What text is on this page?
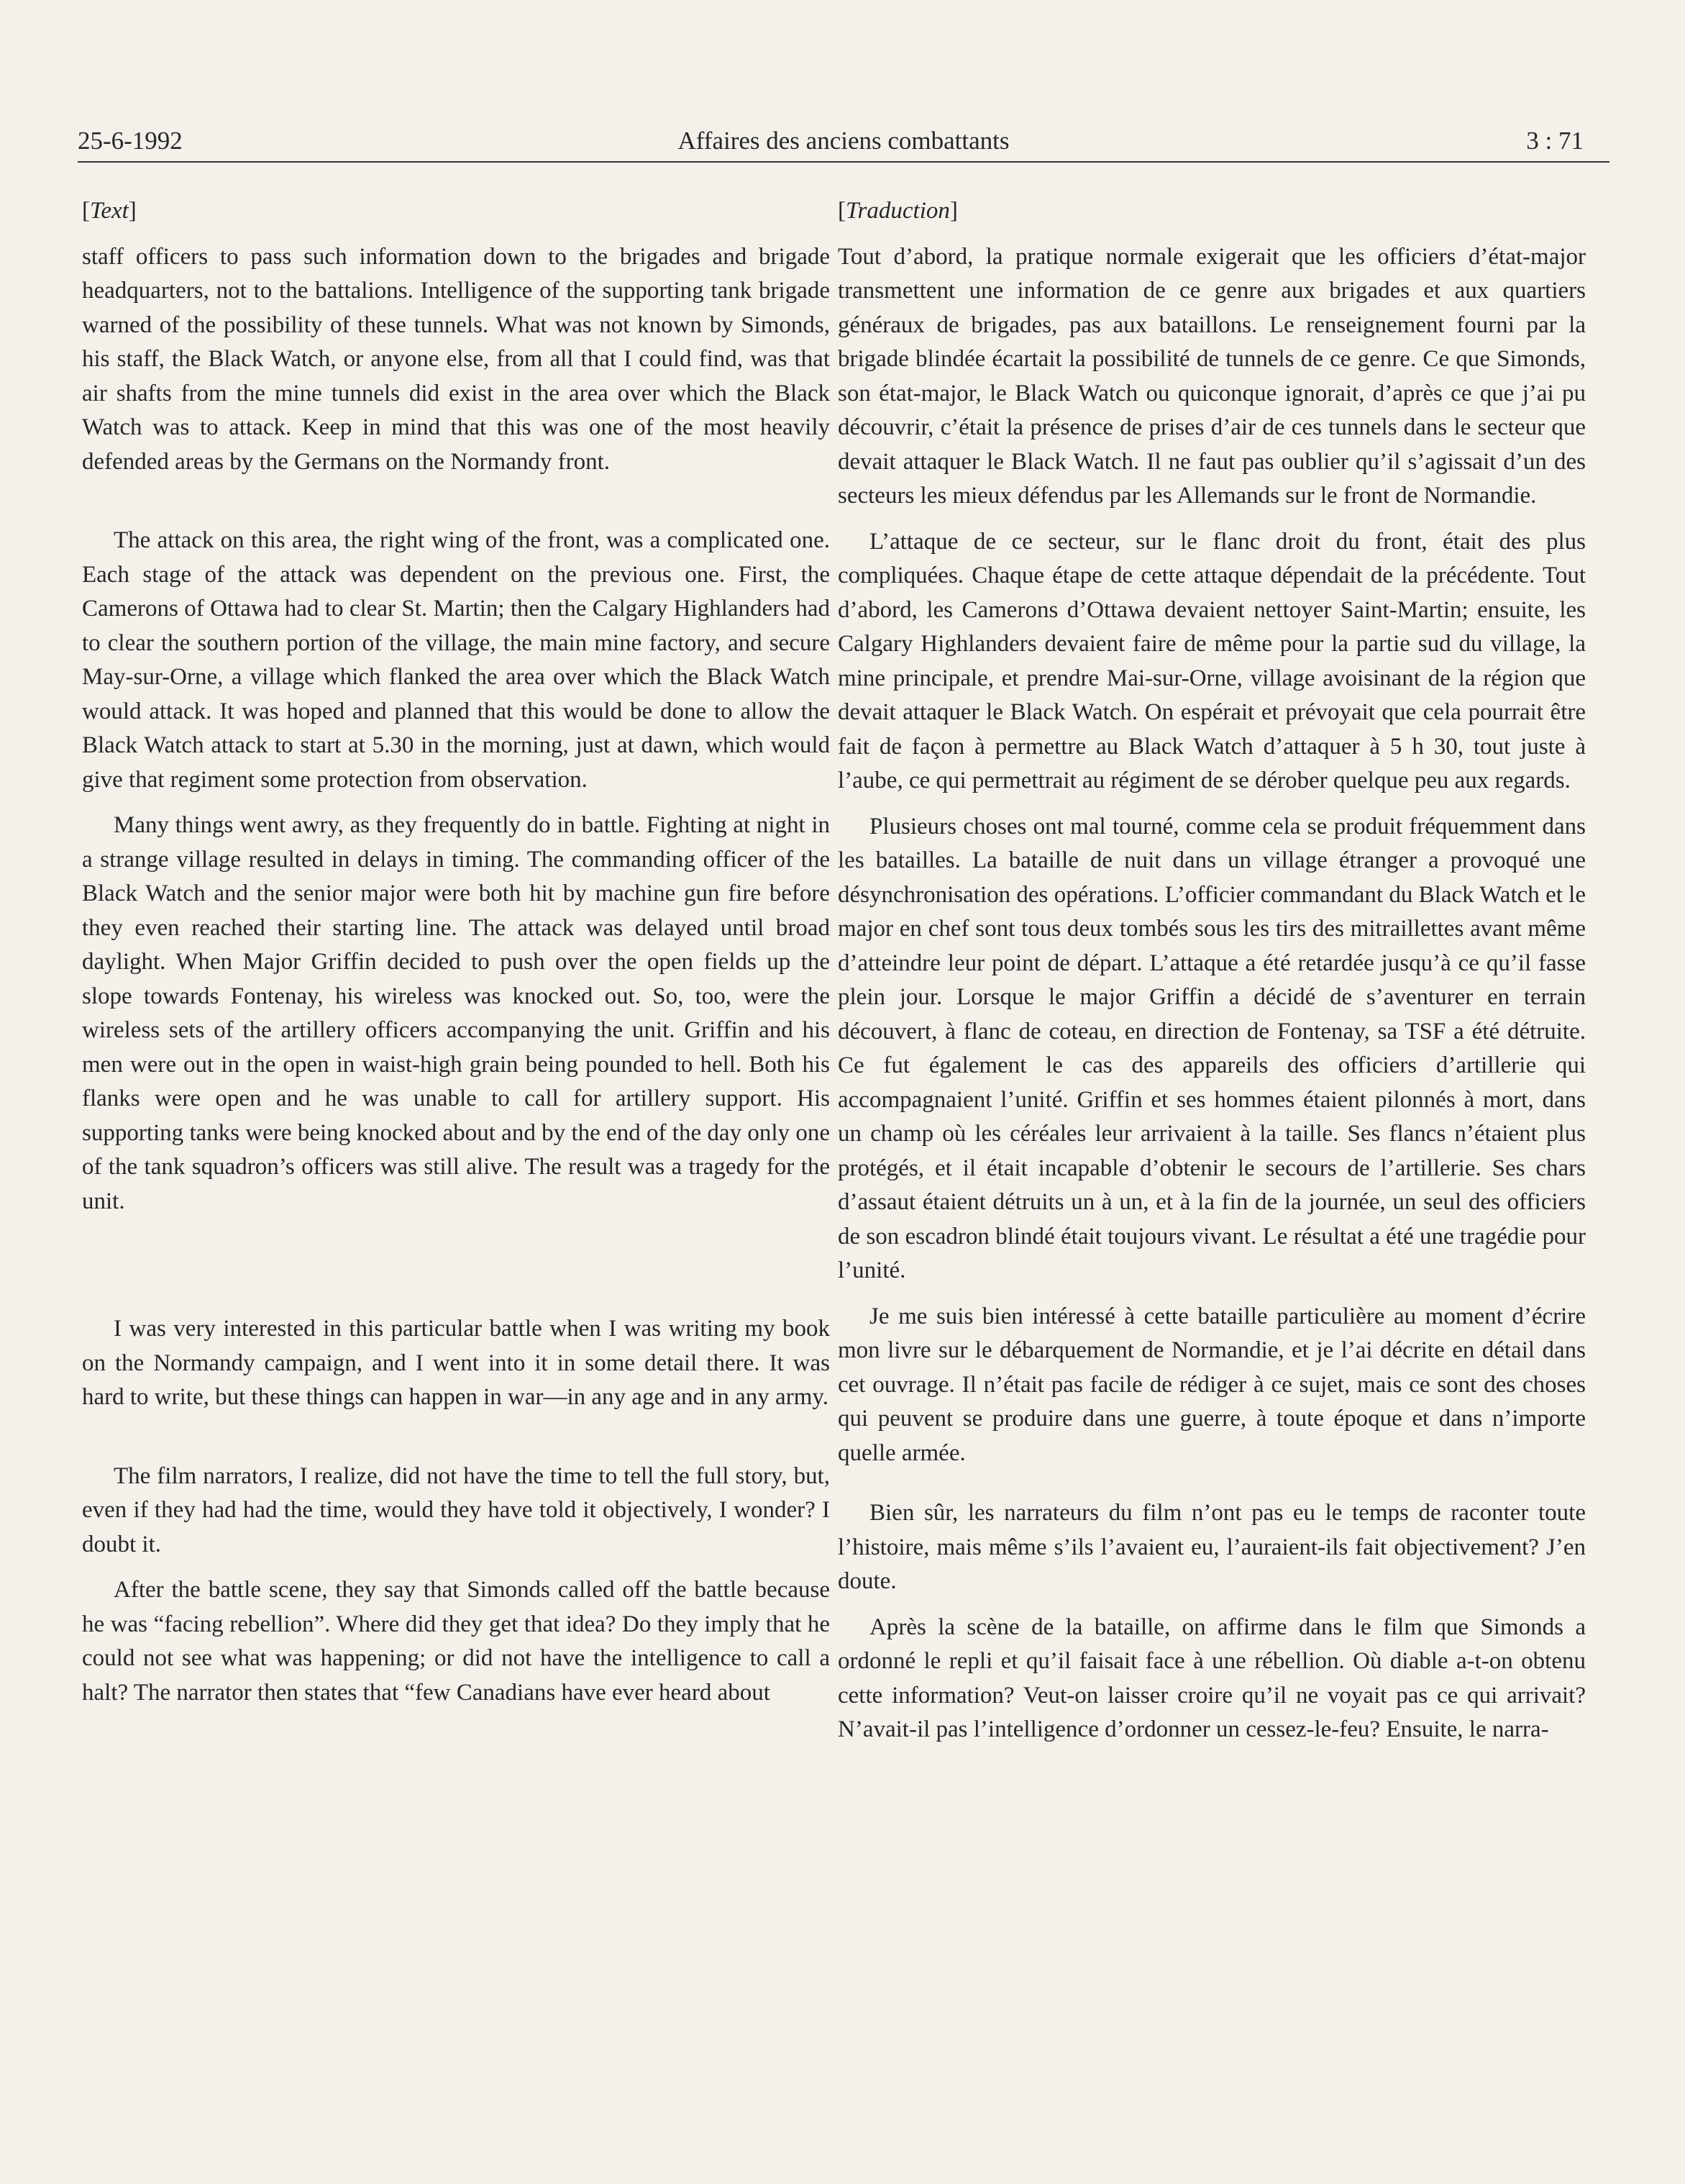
Affaires des anciens combattants
25-6-1992	3 : 71

[Text]

staff officers to pass such information down to the brigades and brigade headquarters, not to the battalions. Intelligence of the supporting tank brigade warned of the possibility of these tunnels. What was not known by Simonds, his staff, the Black Watch, or anyone else, from all that I could find, was that air shafts from the mine tunnels did exist in the area over which the Black Watch was to attack. Keep in mind that this was one of the most heavily defended areas by the Germans on the Normandy front.

The attack on this area, the right wing of the front, was a complicated one. Each stage of the attack was dependent on the previous one. First, the Camerons of Ottawa had to clear St. Martin; then the Calgary Highlanders had to clear the southern portion of the village, the main mine factory, and secure May-sur-Orne, a village which flanked the area over which the Black Watch would attack. It was hoped and planned that this would be done to allow the Black Watch attack to start at 5.30 in the morning, just at dawn, which would give that regiment some protection from observation.

Many things went awry, as they frequently do in battle. Fighting at night in a strange village resulted in delays in timing. The commanding officer of the Black Watch and the senior major were both hit by machine gun fire before they even reached their starting line. The attack was delayed until broad daylight. When Major Griffin decided to push over the open fields up the slope towards Fontenay, his wireless was knocked out. So, too, were the wireless sets of the artillery officers accompanying the unit. Griffin and his men were out in the open in waist-high grain being pounded to hell. Both his flanks were open and he was unable to call for artillery support. His supporting tanks were being knocked about and by the end of the day only one of the tank squadron’s officers was still alive. The result was a tragedy for the unit.

I was very interested in this particular battle when I was writing my book on the Normandy campaign, and I went into it in some detail there. It was hard to write, but these things can happen in war—in any age and in any army.

The film narrators, I realize, did not have the time to tell the full story, but, even if they had had the time, would they have told it objectively, I wonder? I doubt it.

After the battle scene, they say that Simonds called off the battle because he was “facing rebellion”. Where did they get that idea? Do they imply that he could not see what was happening; or did not have the intelligence to call a halt? The narrator then states that “few Canadians have ever heard about

[Traduction]

Tout d’abord, la pratique normale exigerait que les officiers d’état-major transmettent une information de ce genre aux brigades et aux quartiers généraux de brigades, pas aux bataillons. Le renseignement fourni par la brigade blindée écartait la possibilité de tunnels de ce genre. Ce que Simonds, son état-major, le Black Watch ou quiconque ignorait, d’après ce que j’ai pu découvrir, c’était la présence de prises d’air de ces tunnels dans le secteur que devait attaquer le Black Watch. Il ne faut pas oublier qu’il s’agissait d’un des secteurs les mieux défendus par les Allemands sur le front de Normandie.

L’attaque de ce secteur, sur le flanc droit du front, était des plus compliquées. Chaque étape de cette attaque dépendait de la précédente. Tout d’abord, les Camerons d’Ottawa devaient nettoyer Saint-Martin; ensuite, les Calgary Highlanders devaient faire de même pour la partie sud du village, la mine principale, et prendre Mai-sur-Orne, village avoisinant de la région que devait attaquer le Black Watch. On espérait et prévoyait que cela pourrait être fait de façon à permettre au Black Watch d’attaquer à 5 h 30, tout juste à l’aube, ce qui permettrait au régiment de se dérober quelque peu aux regards.

Plusieurs choses ont mal tourné, comme cela se produit fréquemment dans les batailles. La bataille de nuit dans un village étranger a provoqué une désynchronisation des opérations. L’officier commandant du Black Watch et le major en chef sont tous deux tombés sous les tirs des mitraillettes avant même d’atteindre leur point de départ. L’attaque a été retardée jusqu’à ce qu’il fasse plein jour. Lorsque le major Griffin a décidé de s’aventurer en terrain découvert, à flanc de coteau, en direction de Fontenay, sa TSF a été détruite. Ce fut également le cas des appareils des officiers d’artillerie qui accompagnaient l’unité. Griffin et ses hommes étaient pilonnés à mort, dans un champ où les céréales leur arrivaient à la taille. Ses flancs n’étaient plus protégés, et il était incapable d’obtenir le secours de l’artillerie. Ses chars d’assaut étaient détruits un à un, et à la fin de la journée, un seul des officiers de son escadron blindé était toujours vivant. Le résultat a été une tragédie pour l’unité.

Je me suis bien intéressé à cette bataille particulière au moment d’écrire mon livre sur le débarquement de Normandie, et je l’ai décrite en détail dans cet ouvrage. Il n’était pas facile de rédiger à ce sujet, mais ce sont des choses qui peuvent se produire dans une guerre, à toute époque et dans n’importe quelle armée.

Bien sûr, les narrateurs du film n’ont pas eu le temps de raconter toute l’histoire, mais même s’ils l’avaient eu, l’auraient-ils fait objectivement? J’en doute.

Après la scène de la bataille, on affirme dans le film que Simonds a ordonné le repli et qu’il faisait face à une rébellion. Où diable a-t-on obtenu cette information? Veut-on laisser croire qu’il ne voyait pas ce qui arrivait? N’avait-il pas l’intelligence d’ordonner un cessez-le-feu? Ensuite, le narra-
